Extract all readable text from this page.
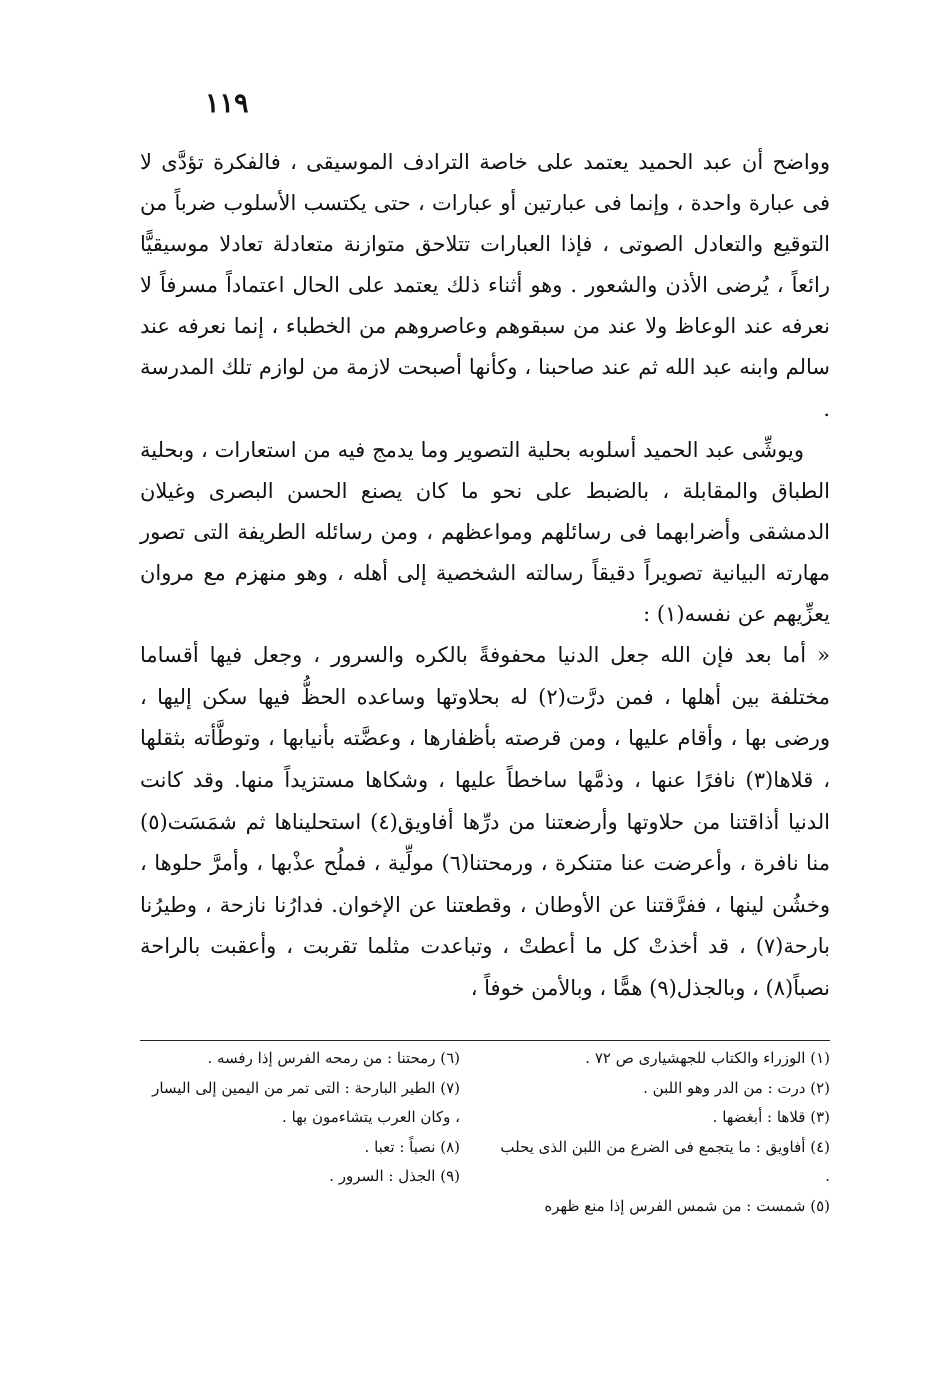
١١٩

وواضح أن عبد الحميد يعتمد على خاصة الترادف الموسيقى ، فالفكرة تؤدَّى لا فى عبارة واحدة ، وإنما فى عبارتين أو عبارات ، حتى يكتسب الأسلوب ضرباً من التوقيع والتعادل الصوتى ، فإذا العبارات تتلاحق متوازنة متعادلة تعادلا موسيقيًّا رائعاً ، يُرضى الأذن والشعور . وهو أثناء ذلك يعتمد على الحال اعتماداً مسرفاً لا نعرفه عند الوعاظ ولا عند من سبقوهم وعاصروهم من الخطباء ، إنما نعرفه عند سالم وابنه عبد الله ثم عند صاحبنا ، وكأنها أصبحت لازمة من لوازم تلك المدرسة .

ويوشِّى عبد الحميد أسلوبه بحلية التصوير وما يدمج فيه من استعارات ، وبحلية الطباق والمقابلة ، بالضبط على نحو ما كان يصنع الحسن البصرى وغيلان الدمشقى وأضرابهما فى رسائلهم ومواعظهم ، ومن رسائله الطريفة التى تصور مهارته البيانية تصويراً دقيقاً رسالته الشخصية إلى أهله ، وهو منهزم مع مروان يعزِّيهم عن نفسه(١) :

« أما بعد فإن الله جعل الدنيا محفوفةً بالكره والسرور ، وجعل فيها أقساما مختلفة بين أهلها ، فمن درَّت(٢) له بحلاوتها وساعده الحظُّ فيها سكن إليها ، ورضى بها ، وأقام عليها ، ومن قرصته بأظفارها ، وعضَّته بأنيابها ، وتوطَّأته بثقلها ، قلاها(٣) نافرًا عنها ، وذمَّها ساخطاً عليها ، وشكاها مستزيداً منها. وقد كانت الدنيا أذاقتنا من حلاوتها وأرضعتنا من درِّها أفاويق(٤) استحليناها ثم شمَسَت(٥) منا نافرة ، وأعرضت عنا متنكرة ، ورمحتنا(٦) مولِّية ، فملُح عذْبها ، وأمرَّ حلوها ، وخشُن لينها ، ففرَّقتنا عن الأوطان ، وقطعتنا عن الإخوان. فدارُنا نازحة ، وطيرُنا بارحة(٧) ، قد أخذتْ كل ما أعطتْ ، وتباعدت مثلما تقربت ، وأعقبت بالراحة نصباً(٨) ، وبالجذل(٩) همًّا ، وبالأمن خوفاً ،

(١) الوزراء والكتاب للجهشيارى ص ٧٢ .

(٢) درت : من الدر وهو اللبن .

(٣) قلاها : أبغضها .

(٤) أفاويق : ما يتجمع فى الضرع من اللبن الذى يحلب .

(٥) شمست : من شمس الفرس إذا منع ظهره

(٦) رمحتنا : من رمحه الفرس إذا رفسه .

(٧) الطير البارحة : التى تمر من اليمين إلى اليسار ، وكان العرب يتشاءمون بها .

(٨) نصباً : تعبا .

(٩) الجذل : السرور .
